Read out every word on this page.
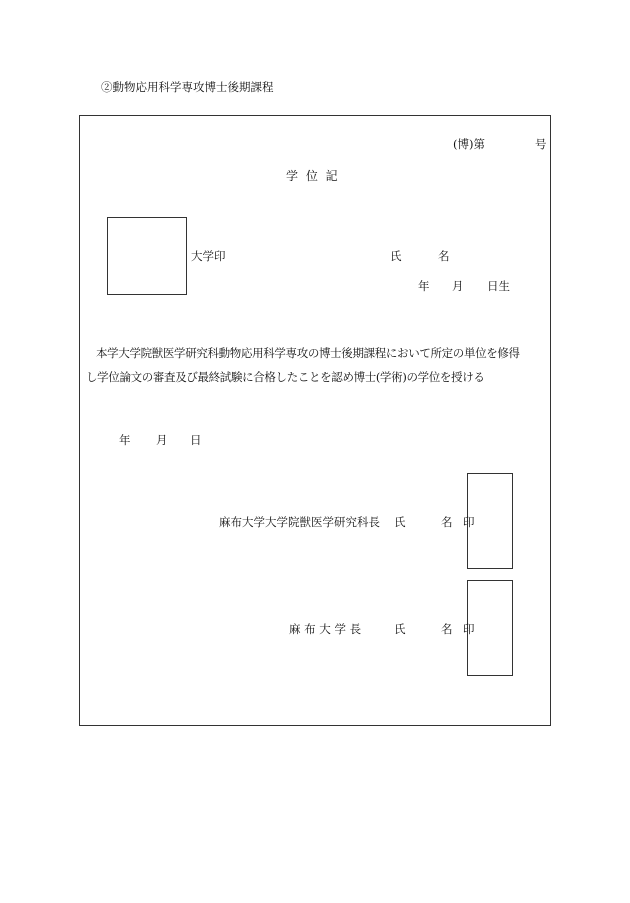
②動物応用科学専攻博士後期課程
(博)第	号
学 位 記
大学印	氏	名
年 月 日生
本学大学院獣医学研究科動物応用科学専攻の博士後期課程において所定の単位を修得
し学位論文の審査及び最終試験に合格したことを認め博士(学術)の学位を授ける
年 月 日
麻布大学大学院獣医学研究科長 氏	名 印
麻 布 大 学 長	氏	名 印
